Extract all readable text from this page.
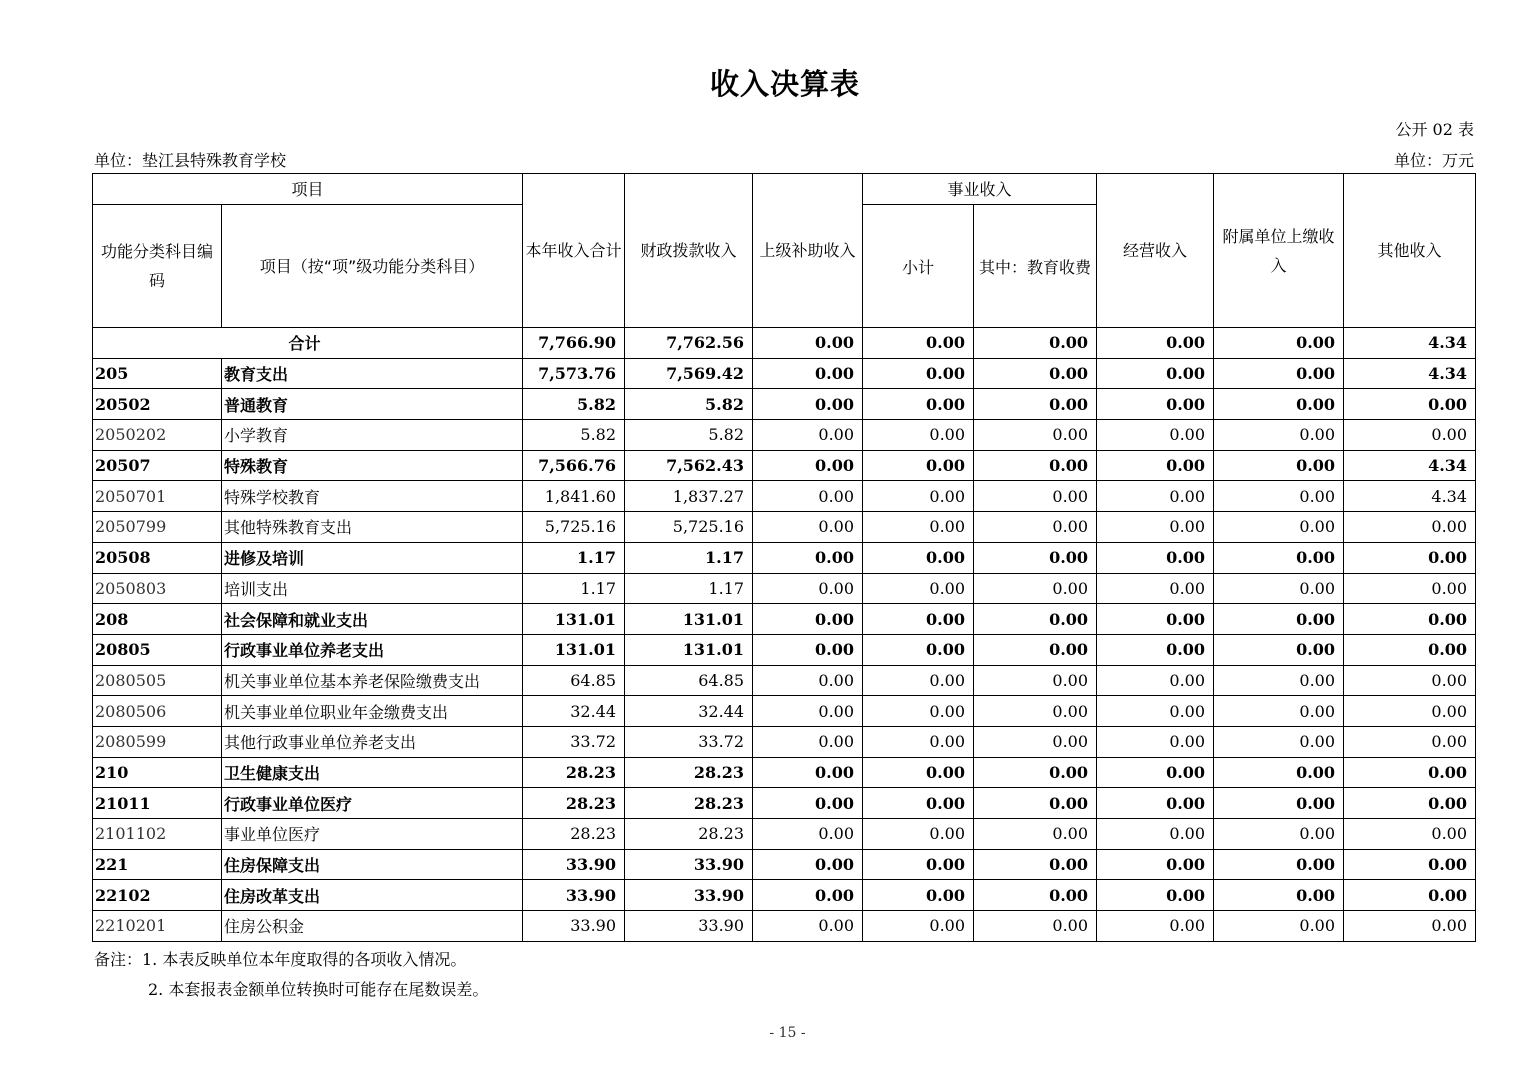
收入决算表
公开 02 表
单位：垫江县特殊教育学校	单位：万元
项目		本年收入合计	财政拨款收入	上级补助收入	事业收入		经营收入	附属单位上缴收入	其他收入
功能分类科目编码	项目（按“项”级功能分类科目）				小计	其中：教育收费			
合计		7,766.90	7,762.56	0.00	0.00	0.00	0.00	0.00	4.34
205	教育支出	7,573.76	7,569.42	0.00	0.00	0.00	0.00	0.00	4.34
20502	普通教育	5.82	5.82	0.00	0.00	0.00	0.00	0.00	0.00
2050202	小学教育	5.82	5.82	0.00	0.00	0.00	0.00	0.00	0.00
20507	特殊教育	7,566.76	7,562.43	0.00	0.00	0.00	0.00	0.00	4.34
2050701	特殊学校教育	1,841.60	1,837.27	0.00	0.00	0.00	0.00	0.00	4.34
2050799	其他特殊教育支出	5,725.16	5,725.16	0.00	0.00	0.00	0.00	0.00	0.00
20508	进修及培训	1.17	1.17	0.00	0.00	0.00	0.00	0.00	0.00
2050803	培训支出	1.17	1.17	0.00	0.00	0.00	0.00	0.00	0.00
208	社会保障和就业支出	131.01	131.01	0.00	0.00	0.00	0.00	0.00	0.00
20805	行政事业单位养老支出	131.01	131.01	0.00	0.00	0.00	0.00	0.00	0.00
2080505	机关事业单位基本养老保险缴费支出	64.85	64.85	0.00	0.00	0.00	0.00	0.00	0.00
2080506	机关事业单位职业年金缴费支出	32.44	32.44	0.00	0.00	0.00	0.00	0.00	0.00
2080599	其他行政事业单位养老支出	33.72	33.72	0.00	0.00	0.00	0.00	0.00	0.00
210	卫生健康支出	28.23	28.23	0.00	0.00	0.00	0.00	0.00	0.00
21011	行政事业单位医疗	28.23	28.23	0.00	0.00	0.00	0.00	0.00	0.00
2101102	事业单位医疗	28.23	28.23	0.00	0.00	0.00	0.00	0.00	0.00
221	住房保障支出	33.90	33.90	0.00	0.00	0.00	0.00	0.00	0.00
22102	住房改革支出	33.90	33.90	0.00	0.00	0.00	0.00	0.00	0.00
2210201	住房公积金	33.90	33.90	0.00	0.00	0.00	0.00	0.00	0.00
备注：1. 本表反映单位本年度取得的各项收入情况。
2. 本套报表金额单位转换时可能存在尾数误差。
- 15 -
